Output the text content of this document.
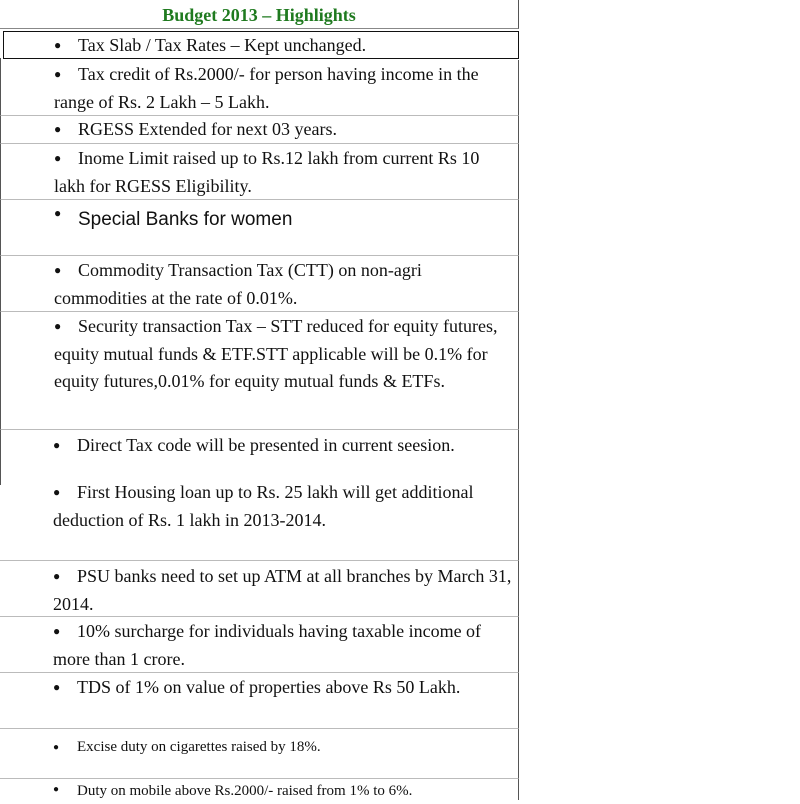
Budget 2013 – Highlights
● Tax Slab / Tax Rates – Kept unchanged.
● Tax credit of Rs.2000/- for person having income in the range of Rs. 2 Lakh – 5 Lakh.
● RGESS Extended for next 03 years.
● Inome Limit raised up to Rs.12 lakh from current Rs 10 lakh for RGESS Eligibility.
● Special Banks for women
● Commodity Transaction Tax (CTT) on non-agri commodities at the rate of 0.01%.
● Security transaction Tax – STT reduced for equity futures, equity mutual funds & ETF.STT applicable will be 0.1% for equity futures,0.01% for equity mutual funds & ETFs.
● Direct Tax code will be presented in current seesion.
● First Housing loan up to Rs. 25 lakh will get additional deduction of Rs. 1 lakh in 2013-2014.
● PSU banks need to set up ATM at all branches by March 31, 2014.
● 10% surcharge for individuals having taxable income of more than 1 crore.
● TDS of 1% on value of properties above Rs 50 Lakh.
●	Excise duty on cigarettes raised by 18%.
●	Duty on mobile above Rs.2000/- raised from 1% to 6%.
